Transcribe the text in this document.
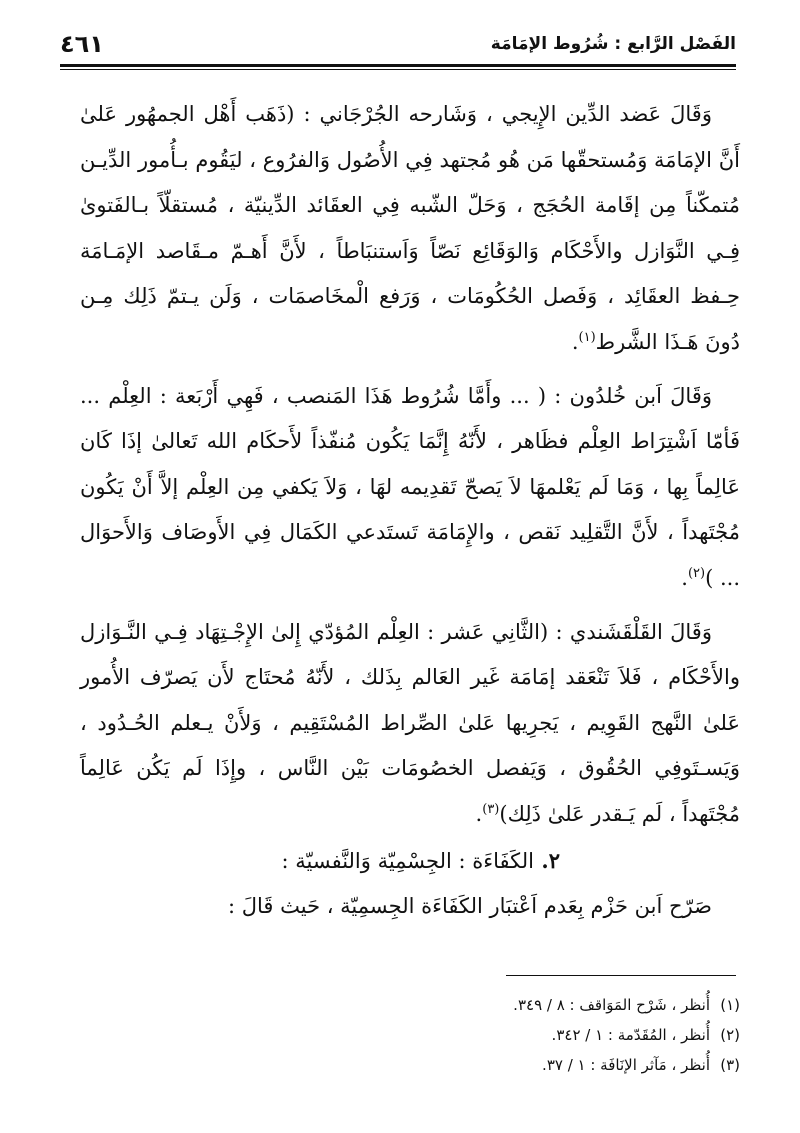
الفَصْل الرَّابع : شُرُوط الإمَامَة
٤٦١

وَقَالَ عَضد الدِّين الإِيجي ، وَشَارحه الجُرْجَاني : (ذَهَب أَهْل الجمهُور عَلىٰ أَنَّ الإمَامَة وَمُستحقّها مَن هُو مُجتهد فِي الأُصُول وَالفرُوع ، ليَقُوم بـأُمور الدِّيـن مُتمكّناً مِن إقَامة الحُجَج ، وَحَلّ الشّبه فِي العقَائد الدِّينيّة ، مُستقلّاً بـالفَتوىٰ فِـي النَّوَازل والأَحْكَام وَالوَقَائِع نَصّاً وَاَستنبَاطاً ، لأَنَّ أَهـمّ مـقَاصد الإمَـامَة حِـفظ العقَائِد ، وَفَصل الحُكُومَات ، وَرَفع الْمخَاصمَات ، وَلَن يـتمّ ذَلِك مِـن دُونَ هَـذَا الشَّرط$^{(١)}$.

وَقَالَ اَبن خُلدُون : ( ... وأَمَّا شُرُوط هَذَا المَنصب ، فَهِي أَرْبَعة : العِلْم ... فَأمّا اَشْتِرَاط العِلْم فظَاهر ، لأَنّهُ إِنَّمَا يَكُون مُنفّذاً لأَحكَام الله تَعالىٰ إذَا كَان عَالِماً بِها ، وَمَا لَم يَعْلمهَا لاَ يَصحّ تَقدِيمه لهَا ، وَلاَ يَكفي مِن العِلْم إلاَّ أَنْ يَكُون مُجْتَهداً ، لأَنَّ التَّقلِيد نَقص ، والإِمَامَة تَستَدعي الكَمَال فِي الأَوصَاف وَالأَحوَال ... )$^{(٢)}$.

وَقَالَ القَلْقَشَندي : (الثَّانِي عَشر : العِلْم المُؤدّي إِلىٰ الإِجْـتِهَاد فِـي النَّـوَازل والأَحْكَام ، فَلاَ تَنْعَقد إمَامَة غَير العَالم بِذَلك ، لأَنّهُ مُحتَاج لأَن يَصرّف الأُمور عَلىٰ النَّهج القَوِيم ، يَجرِيها عَلىٰ الصِّراط المُسْتَقِيم ، وَلأَنْ يـعلم الحُـدُود ، وَيَسـتَوفِي الحُقُوق ، وَيَفصل الخصُومَات بَيْن النَّاس ، وإِذَا لَم يَكُن عَالِماً مُجْتَهداً ، لَم يَـقدر عَلىٰ ذَلِك)$^{(٣)}$.

٢.الكَفَاءَة : الجِسْمِيّة وَالنَّفسيّة :

صَرّح اَبن حَزْم بِعَدم اَعْتبَار الكَفَاءَة الجِسمِيّة ، حَيث قَالَ :

(١)أُنظر ، شَرْح المَوَاقف : ٨ / ٣٤٩.

(٢)أُنظر ، المُقَدّمة : ١ / ٣٤٢.

(٣)أُنظر ، مَآثر الإنَافَة : ١ / ٣٧.
